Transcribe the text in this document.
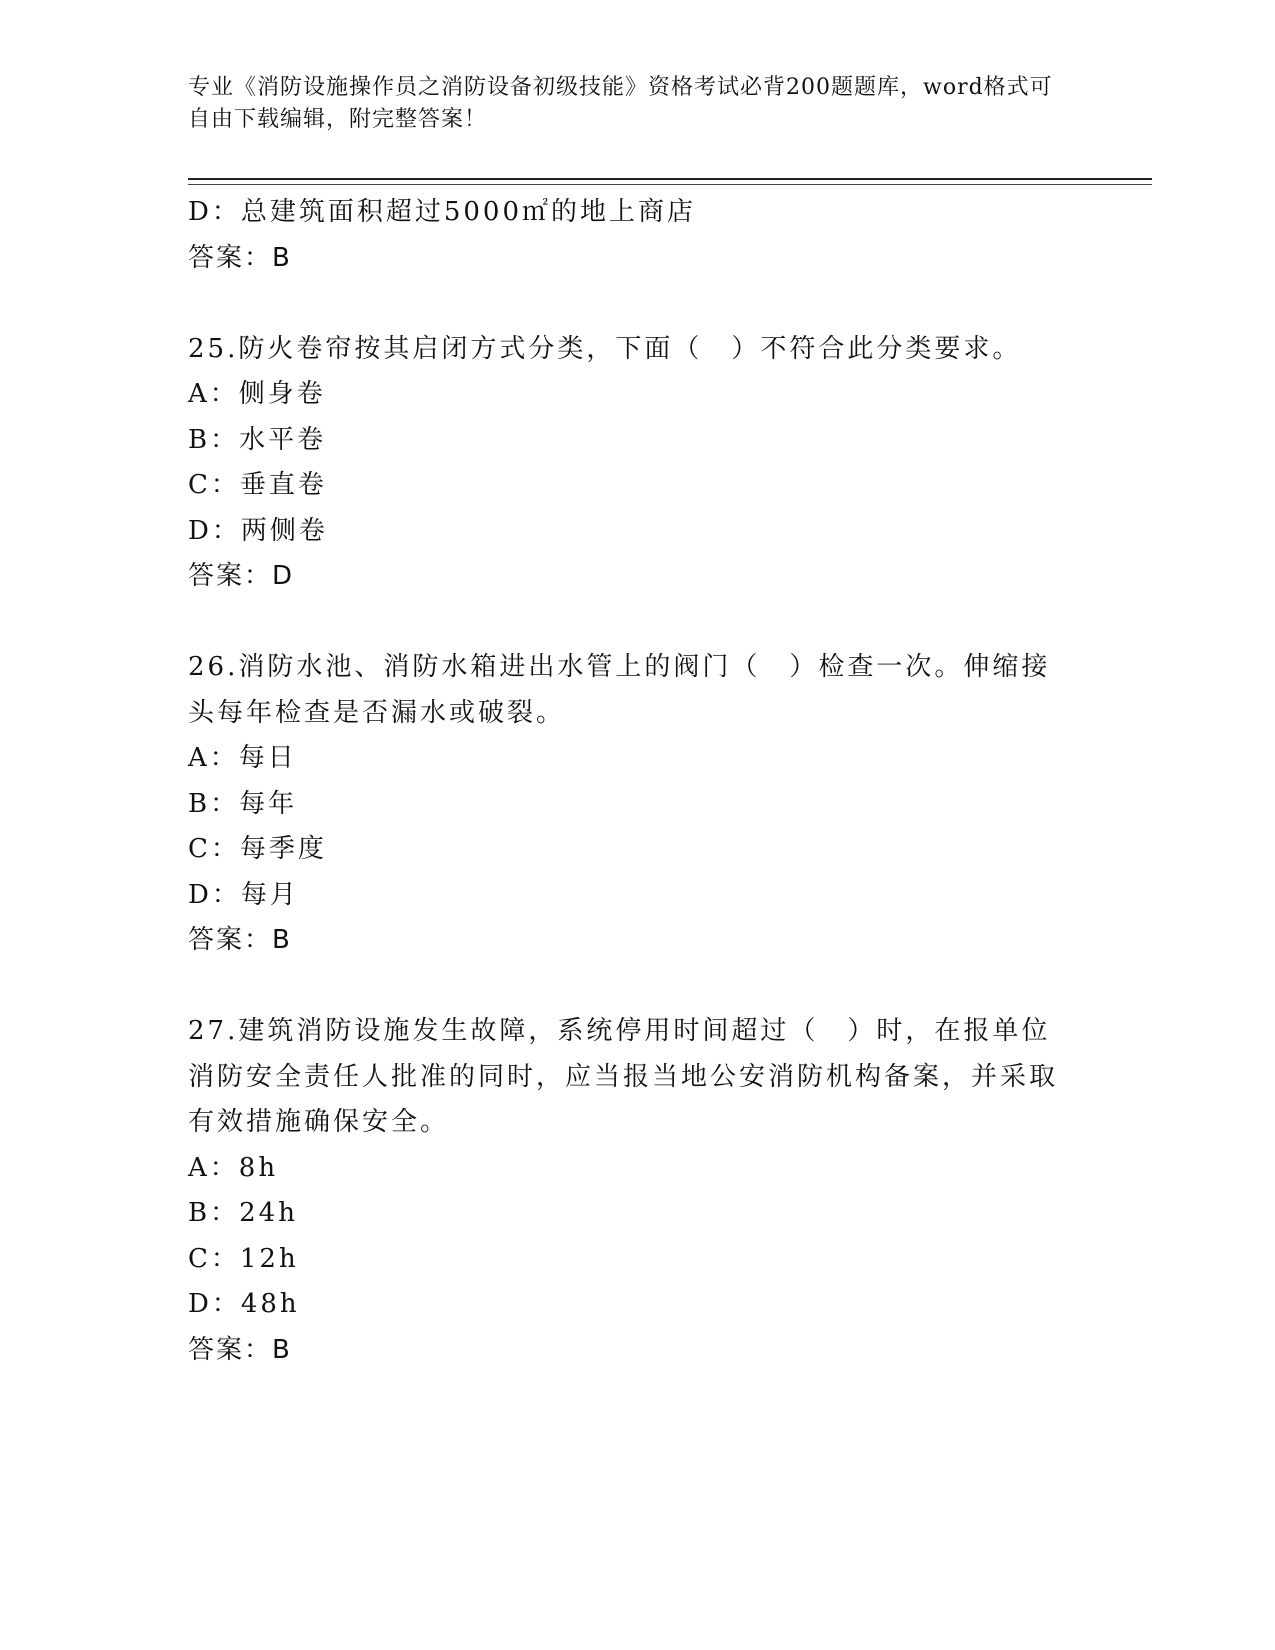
专业《消防设施操作员之消防设备初级技能》资格考试必背200题题库，word格式可自由下载编辑，附完整答案！
D：总建筑面积超过5000㎡的地上商店
答案：B
25.防火卷帘按其启闭方式分类，下面（　）不符合此分类要求。
A：侧身卷
B：水平卷
C：垂直卷
D：两侧卷
答案：D
26.消防水池、消防水箱进出水管上的阀门（　）检查一次。伸缩接头每年检查是否漏水或破裂。
A：每日
B：每年
C：每季度
D：每月
答案：B
27.建筑消防设施发生故障，系统停用时间超过（　）时，在报单位消防安全责任人批准的同时，应当报当地公安消防机构备案，并采取有效措施确保安全。
A：8h
B：24h
C：12h
D：48h
答案：B
